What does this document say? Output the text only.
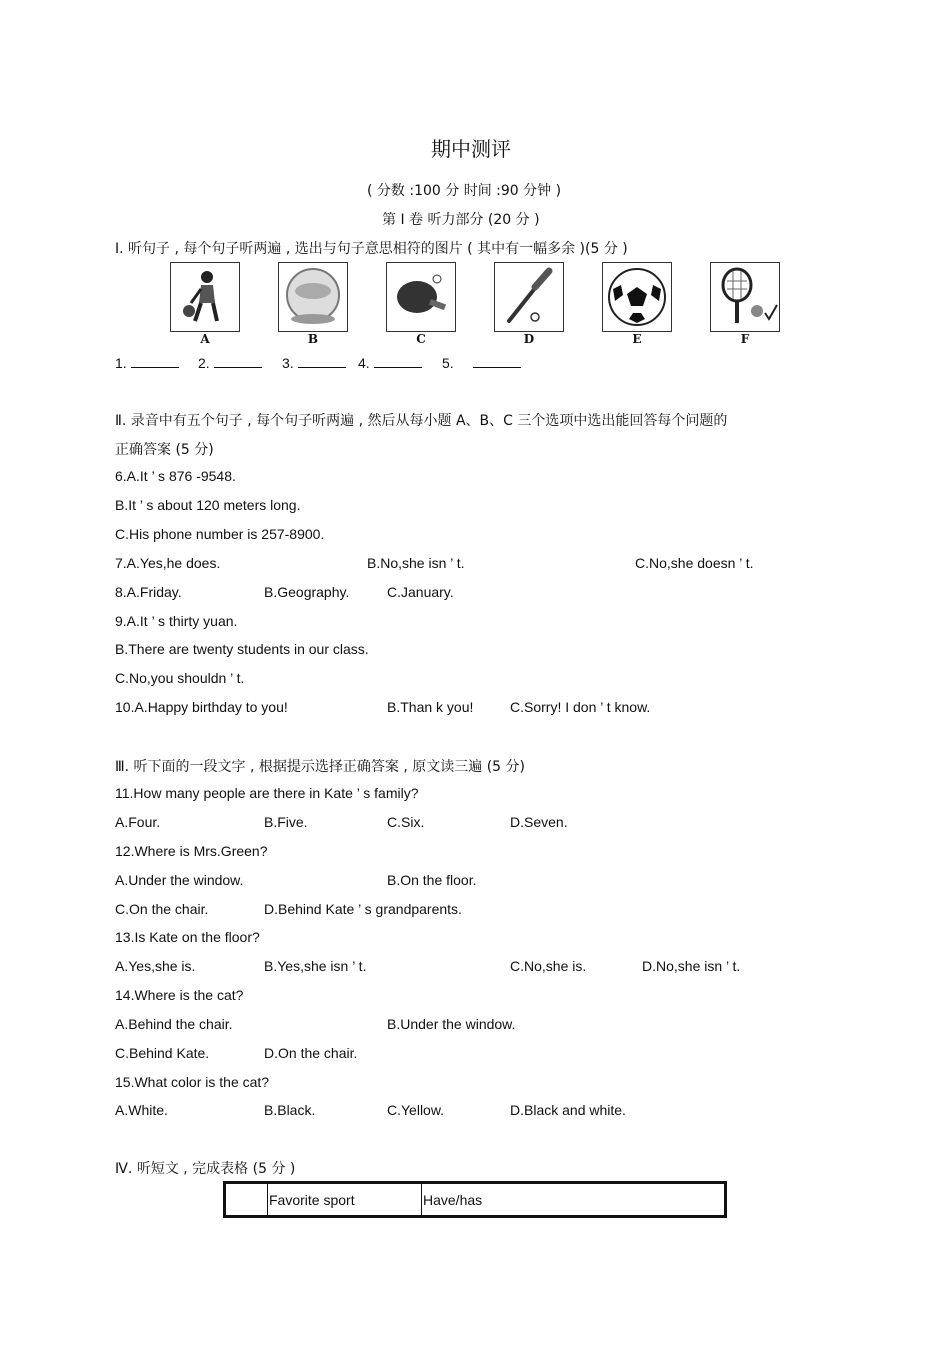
期中测评
( 分数 :100 分 时间 :90 分钟 )
第 I 卷 听力部分 (20 分 )
Ⅰ. 听句子 , 每个句子听两遍 , 选出与句子意思相符的图片 ( 其中有一幅多余 )(5 分 )
A	B	C	D	E	F
1.	2.	3.	4.	5.
Ⅱ. 录音中有五个句子 , 每个句子听两遍 , 然后从每小题 A、B、C 三个选项中选出能回答每个问题的
正确答案 (5 分)
6.A.It ’ s 876 -9548.
B.It ’ s about 120 meters long.
C.His phone number is 257-8900.
7.A.Yes,he does.	B.No,she isn ’ t.	C.No,she doesn ’ t.
8.A.Friday.	B.Geography.	C.January.
9.A.It ’ s thirty yuan.
B.There are twenty students in our class.
C.No,you shouldn ’ t.
10.A.Happy birthday to you!	B.Than k you!	C.Sorry! I don ’ t know.
Ⅲ. 听下面的一段文字 , 根据提示选择正确答案 , 原文读三遍 (5 分)
11.How many people are there in Kate ’ s family?
A.Four.	B.Five.	C.Six.	D.Seven.
12.Where is Mrs.Green?
A.Under the window.	B.On the floor.
C.On the chair.	D.Behind Kate ’ s grandparents.
13.Is Kate on the floor?
A.Yes,she is.	B.Yes,she isn ’ t.	C.No,she is.	D.No,she isn ’ t.
14.Where is the cat?
A.Behind the chair.	B.Under the window.
C.Behind Kate.	D.On the chair.
15.What color is the cat?
A.White.	B.Black.	C.Yellow.	D.Black and white.
Ⅳ. 听短文 , 完成表格 (5 分 )
	Favorite sport	Have/has
